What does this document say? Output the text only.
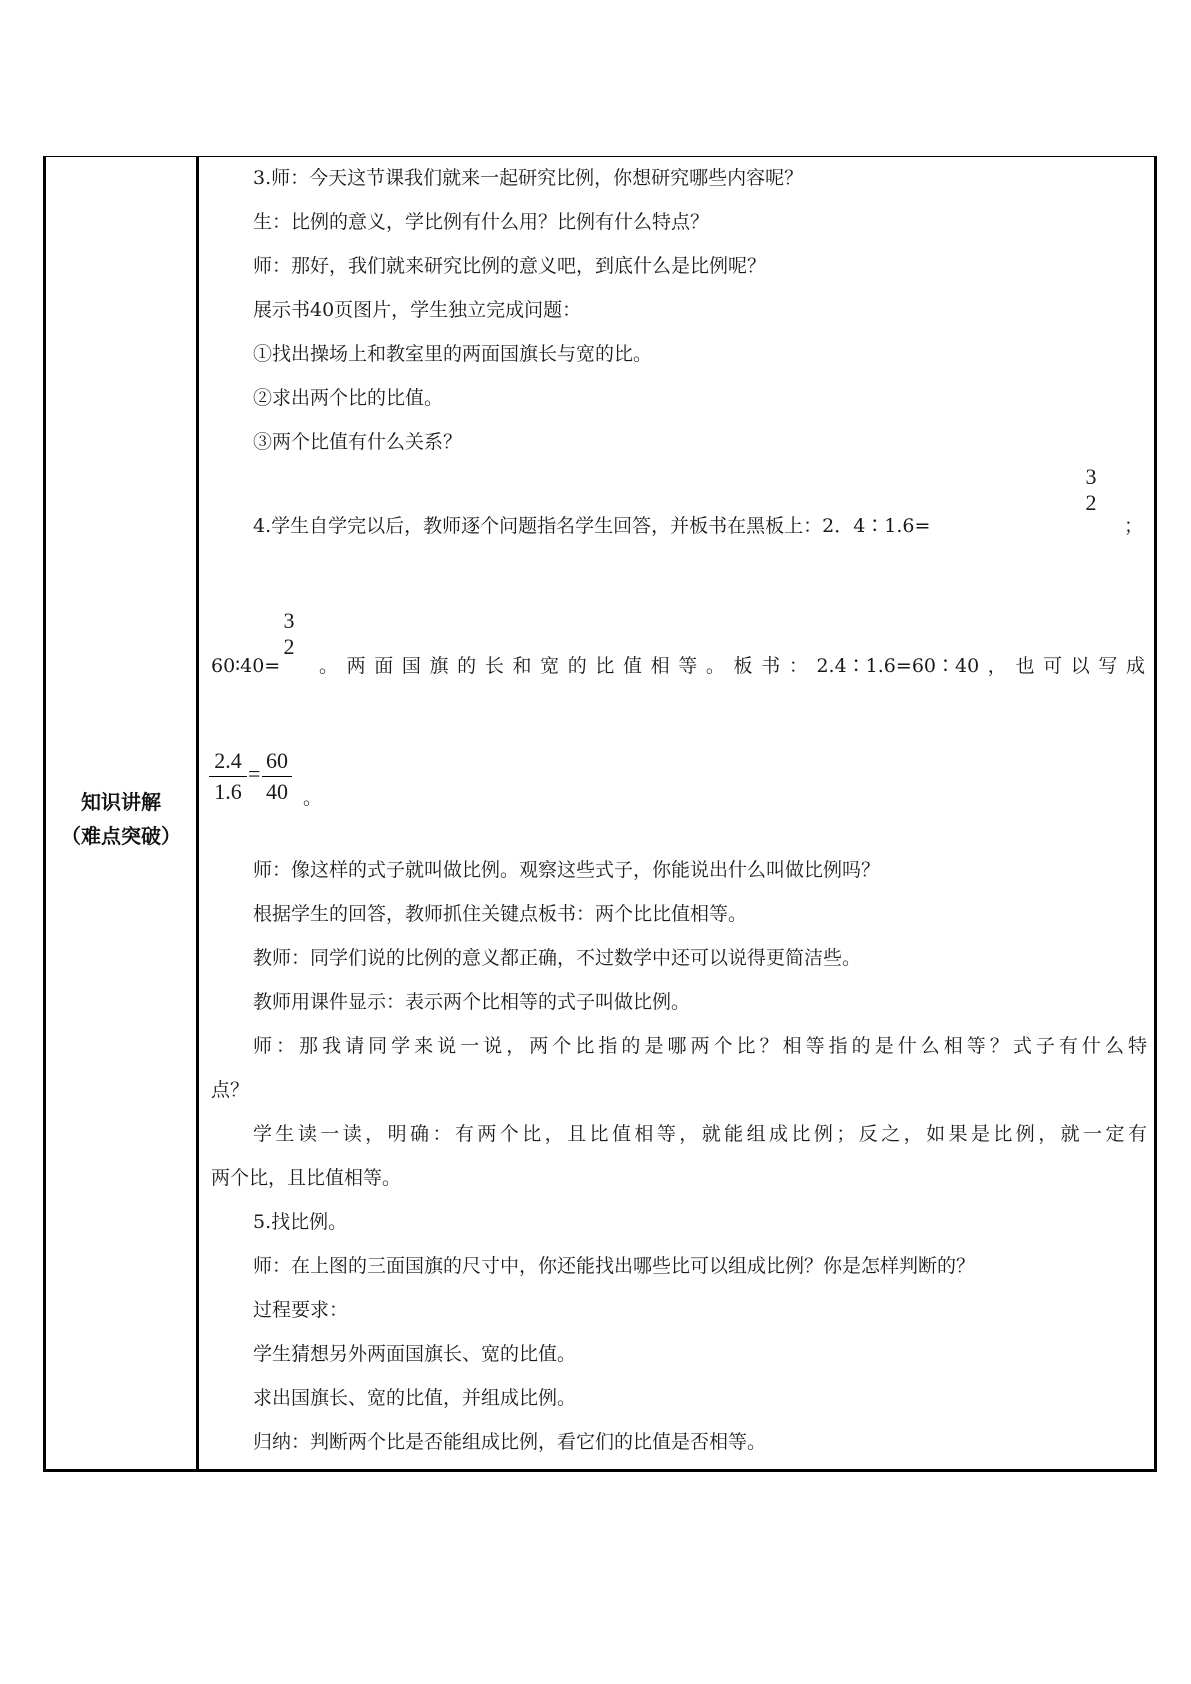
知识讲解
（难点突破）
3.师：今天这节课我们就来一起研究比例，你想研究哪些内容呢？
生：比例的意义，学比例有什么用？比例有什么特点？
师：那好，我们就来研究比例的意义吧，到底什么是比例呢？
展示书40页图片，学生独立完成问题：
①找出操场上和教室里的两面国旗长与宽的比。
②求出两个比的比值。
③两个比值有什么关系？
4.学生自学完以后，教师逐个问题指名学生回答，并板书在黑板上：2．4∶1.6=
3
2
；
60∶40=
3
2
。两面国旗的长和宽的比值相等。板书：2.4∶1.6=60∶40，也可以写成
2.4
1.6
=
60
40 。
师：像这样的式子就叫做比例。观察这些式子，你能说出什么叫做比例吗？
根据学生的回答，教师抓住关键点板书：两个比比值相等。
教师：同学们说的比例的意义都正确，不过数学中还可以说得更简洁些。
教师用课件显示：表示两个比相等的式子叫做比例。
师：那我请同学来说一说，两个比指的是哪两个比？相等指的是什么相等？式子有什么特
点？
学生读一读，明确：有两个比，且比值相等，就能组成比例；反之，如果是比例，就一定有
两个比，且比值相等。
5.找比例。
师：在上图的三面国旗的尺寸中，你还能找出哪些比可以组成比例？你是怎样判断的？
过程要求：
学生猜想另外两面国旗长、宽的比值。
求出国旗长、宽的比值，并组成比例。
归纳：判断两个比是否能组成比例，看它们的比值是否相等。
